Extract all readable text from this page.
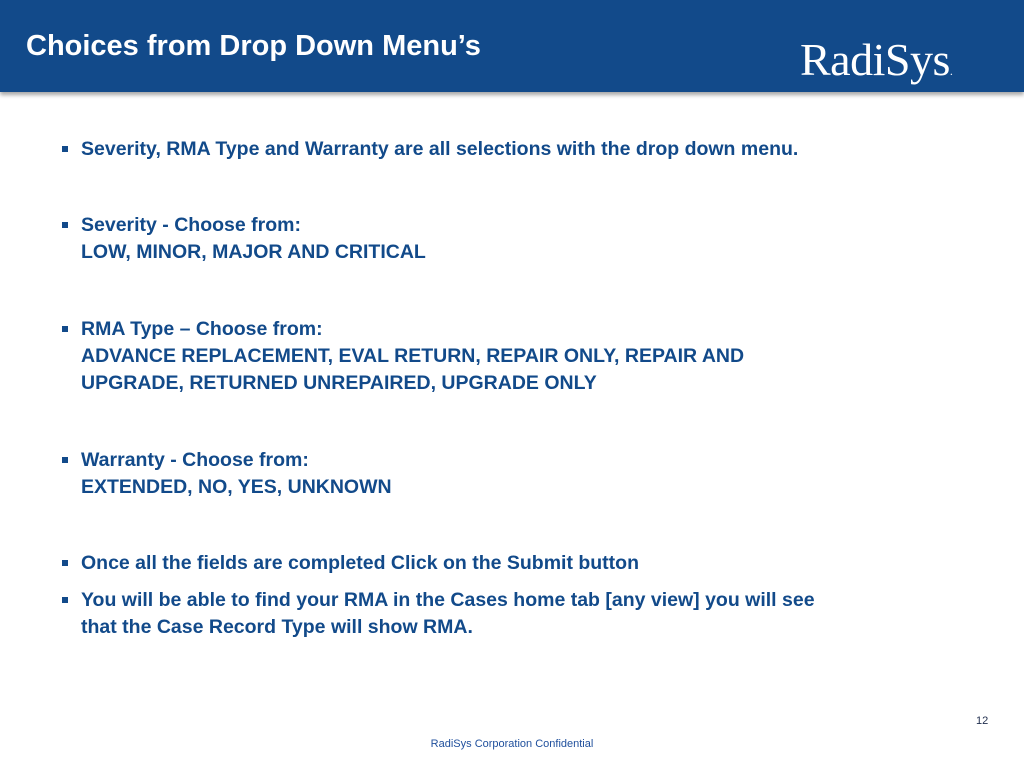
Choices from Drop Down Menu’s	RadiSys.
Severity, RMA Type and Warranty are all selections with the drop down menu.
Severity - Choose from:
LOW, MINOR, MAJOR AND CRITICAL
RMA Type – Choose from:
ADVANCE REPLACEMENT, EVAL RETURN, REPAIR ONLY, REPAIR AND
UPGRADE, RETURNED UNREPAIRED, UPGRADE ONLY
Warranty - Choose from:
EXTENDED, NO, YES, UNKNOWN
Once all the fields are completed Click on the Submit button
You will be able to find your RMA in the Cases home tab [any view] you will see
that the Case Record Type will show RMA.
12
RadiSys Corporation Confidential
